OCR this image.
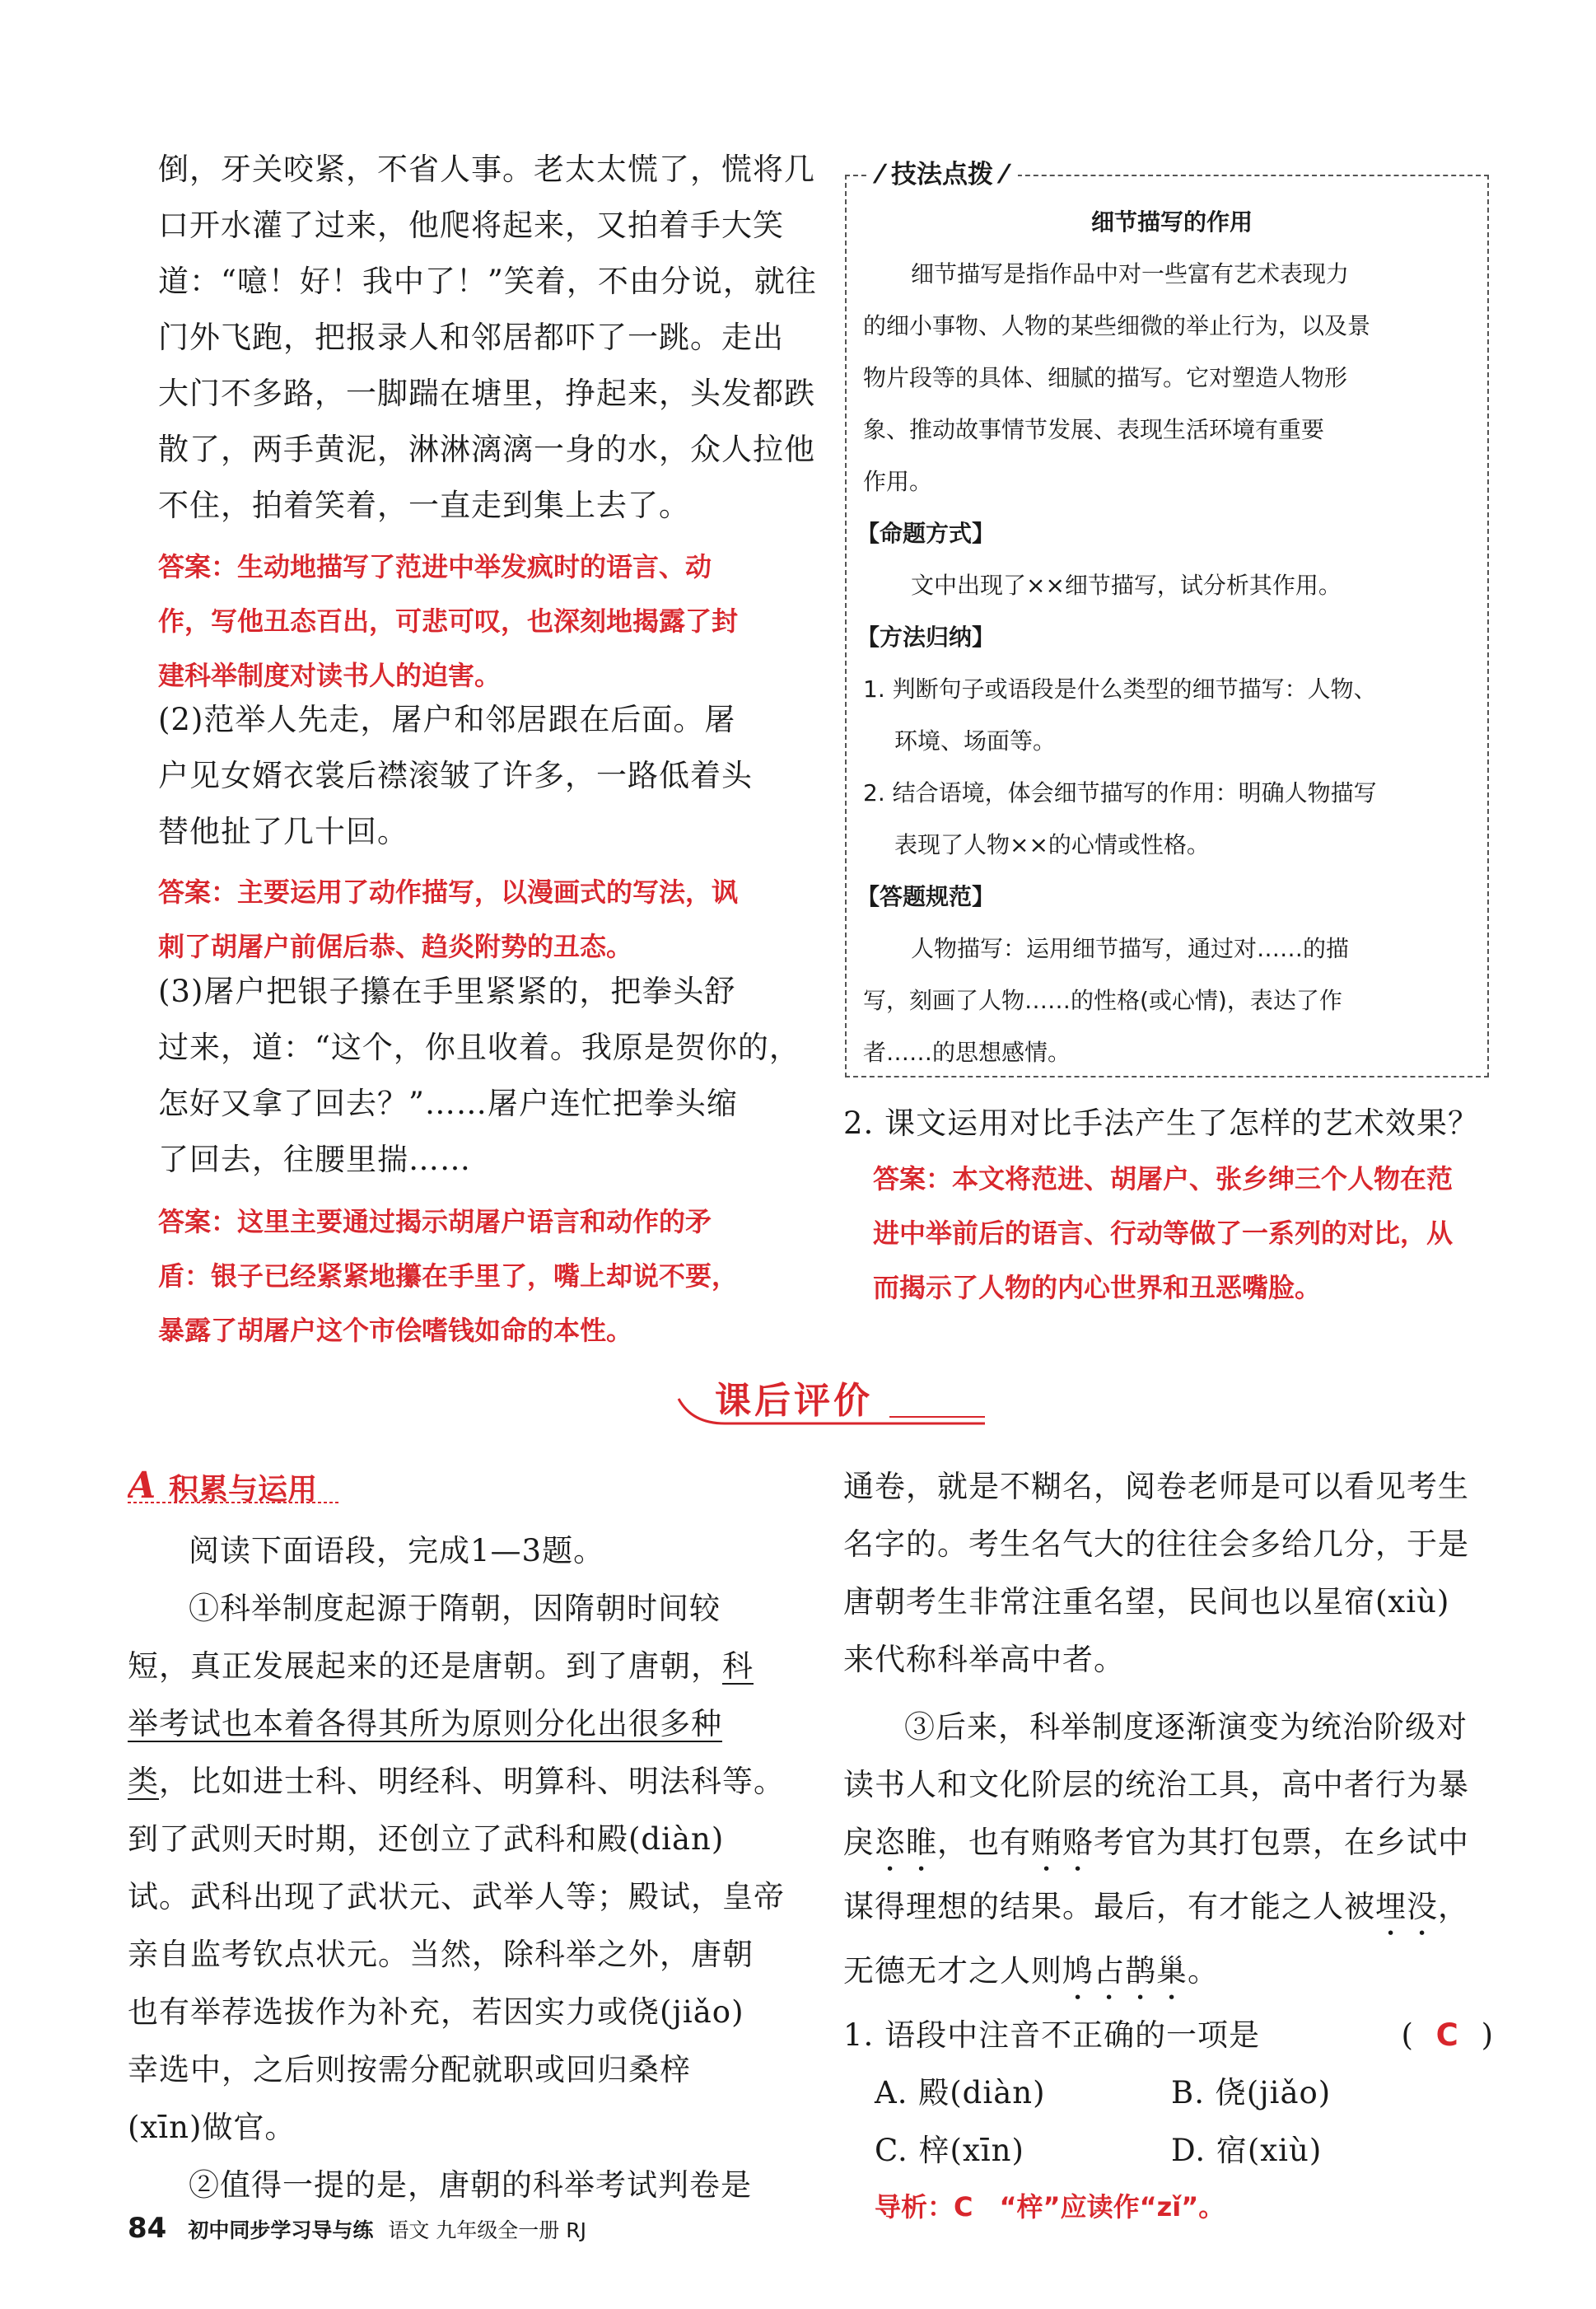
倒，牙关咬紧，不省人事。老太太慌了，慌将几
口开水灌了过来，他爬将起来，又拍着手大笑
道：“噫！好！我中了！”笑着，不由分说，就往
门外飞跑，把报录人和邻居都吓了一跳。走出
大门不多路，一脚踹在塘里，挣起来，头发都跌
散了，两手黄泥，淋淋漓漓一身的水，众人拉他
不住，拍着笑着，一直走到集上去了。
答案：生动地描写了范进中举发疯时的语言、动
作，写他丑态百出，可悲可叹，也深刻地揭露了封
建科举制度对读书人的迫害。
(2)范举人先走，屠户和邻居跟在后面。屠
户见女婿衣裳后襟滚皱了许多，一路低着头
替他扯了几十回。
答案：主要运用了动作描写，以漫画式的写法，讽
刺了胡屠户前倨后恭、趋炎附势的丑态。
(3)屠户把银子攥在手里紧紧的，把拳头舒
过来，道：“这个，你且收着。我原是贺你的，
怎好又拿了回去？”……屠户连忙把拳头缩
了回去，往腰里揣……
答案：这里主要通过揭示胡屠户语言和动作的矛
盾：银子已经紧紧地攥在手里了，嘴上却说不要，
暴露了胡屠户这个市侩嗜钱如命的本性。
⁄ 技法点拨 ⁄
细节描写的作用
细节描写是指作品中对一些富有艺术表现力
的细小事物、人物的某些细微的举止行为，以及景
物片段等的具体、细腻的描写。它对塑造人物形
象、推动故事情节发展、表现生活环境有重要
作用。
【命题方式】
文中出现了××细节描写，试分析其作用。
【方法归纳】
1. 判断句子或语段是什么类型的细节描写：人物、
环境、场面等。
2. 结合语境，体会细节描写的作用：明确人物描写
表现了人物××的心情或性格。
【答题规范】
人物描写：运用细节描写，通过对……的描
写，刻画了人物……的性格(或心情)，表达了作
者……的思想感情。
2. 课文运用对比手法产生了怎样的艺术效果？
答案：本文将范进、胡屠户、张乡绅三个人物在范
进中举前后的语言、行动等做了一系列的对比，从
而揭示了人物的内心世界和丑恶嘴脸。
课后评价
A 积累与运用
阅读下面语段，完成1—3题。
①科举制度起源于隋朝，因隋朝时间较
短，真正发展起来的还是唐朝。到了唐朝，科
举考试也本着各得其所为原则分化出很多种
类，比如进士科、明经科、明算科、明法科等。
到了武则天时期，还创立了武科和殿(diàn)
试。武科出现了武状元、武举人等；殿试，皇帝
亲自监考钦点状元。当然，除科举之外，唐朝
也有举荐选拔作为补充，若因实力或侥(jiǎo)
幸选中，之后则按需分配就职或回归桑梓
(xīn)做官。
②值得一提的是，唐朝的科举考试判卷是
通卷，就是不糊名，阅卷老师是可以看见考生
名字的。考生名气大的往往会多给几分，于是
唐朝考生非常注重名望，民间也以星宿(xiù)
来代称科举高中者。
③后来，科举制度逐渐演变为统治阶级对
读书人和文化阶层的统治工具，高中者行为暴
戾恣睢，也有贿赂考官为其打包票，在乡试中
谋得理想的结果。最后，有才能之人被埋没，
无德无才之人则鸠占鹊巢。
1. 语段中注音不正确的一项是	( C )
A. 殿(diàn)	B. 侥(jiǎo)
C. 梓(xīn)	D. 宿(xiù)
导析：C　“梓”应读作“zǐ”。
84 初中同步学习导与练 语文 九年级全一册 RJ
